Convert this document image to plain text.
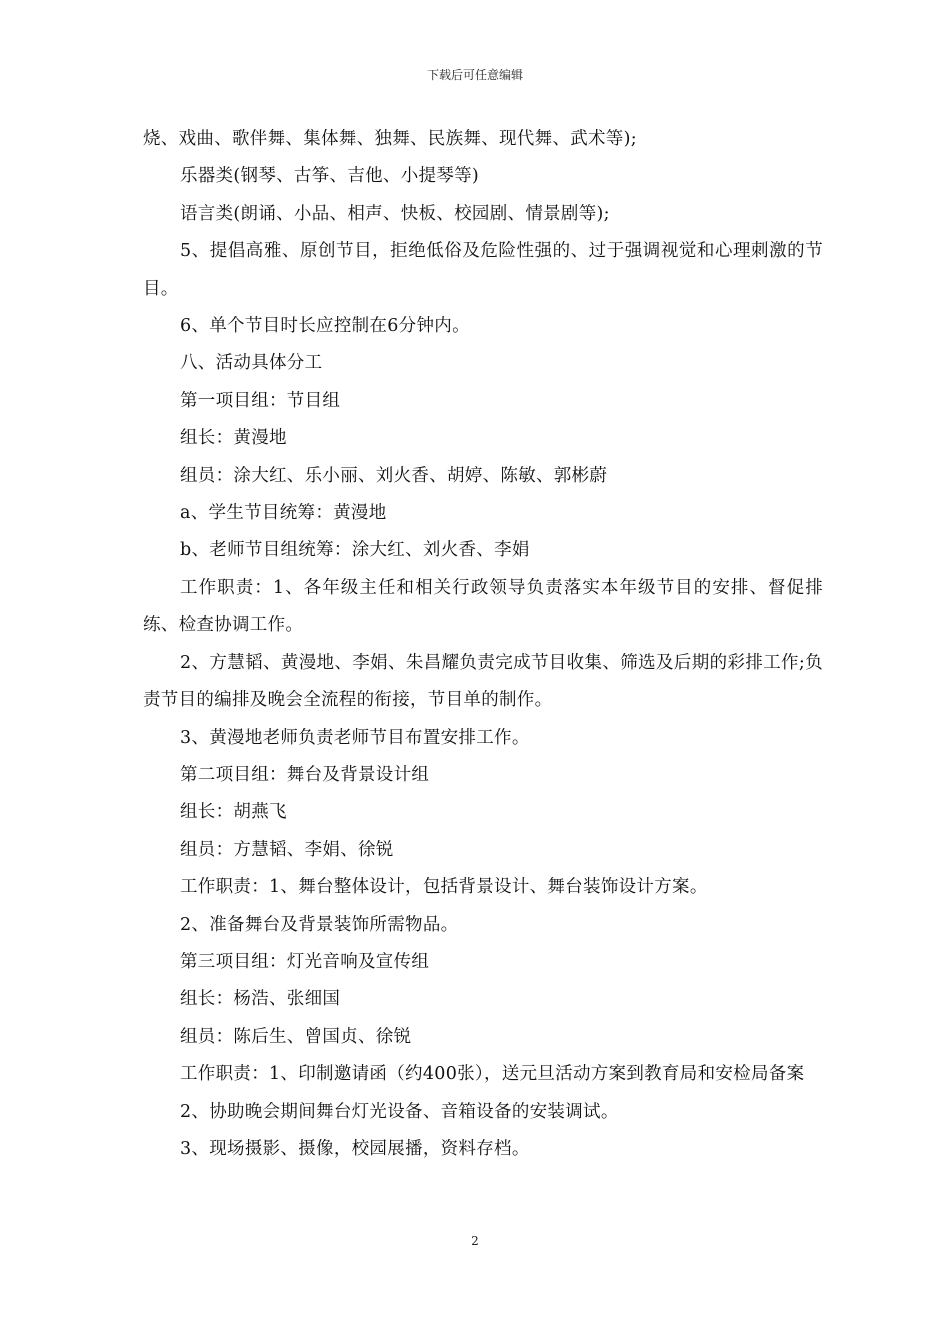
下载后可任意编辑

烧、戏曲、歌伴舞、集体舞、独舞、民族舞、现代舞、武术等);

乐器类(钢琴、古筝、吉他、小提琴等)

语言类(朗诵、小品、相声、快板、校园剧、情景剧等);

5、提倡高雅、原创节目，拒绝低俗及危险性强的、过于强调视觉和心理刺激的节目。

6、单个节目时长应控制在6分钟内。

八、活动具体分工

第一项目组：节目组

组长：黄漫地

组员：涂大红、乐小丽、刘火香、胡婷、陈敏、郭彬蔚

a、学生节目统筹：黄漫地

b、老师节目组统筹：涂大红、刘火香、李娟

工作职责：1、各年级主任和相关行政领导负责落实本年级节目的安排、督促排练、检查协调工作。

2、方慧韬、黄漫地、李娟、朱昌耀负责完成节目收集、筛选及后期的彩排工作;负责节目的编排及晚会全流程的衔接，节目单的制作。

3、黄漫地老师负责老师节目布置安排工作。

第二项目组：舞台及背景设计组

组长：胡燕飞

组员：方慧韬、李娟、徐锐

工作职责：1、舞台整体设计，包括背景设计、舞台装饰设计方案。

2、准备舞台及背景装饰所需物品。

第三项目组：灯光音响及宣传组

组长：杨浩、张细国

组员：陈后生、曾国贞、徐锐

工作职责：1、印制邀请函（约400张），送元旦活动方案到教育局和安检局备案

2、协助晚会期间舞台灯光设备、音箱设备的安装调试。

3、现场摄影、摄像，校园展播，资料存档。

2
